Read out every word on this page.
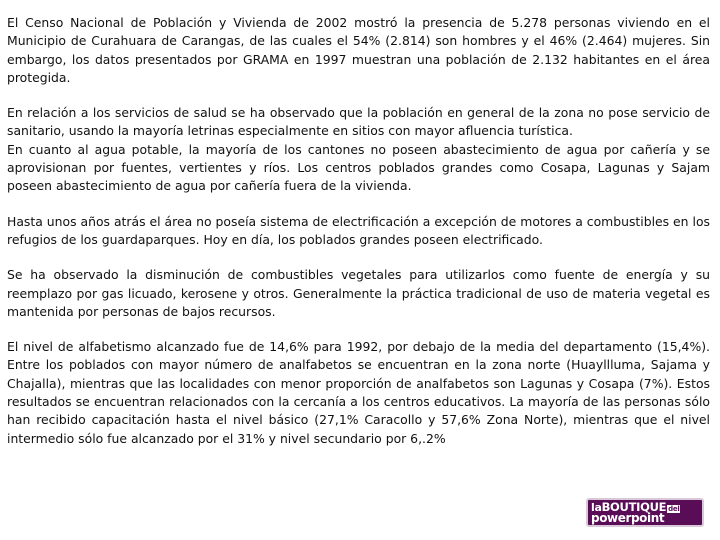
El Censo Nacional de Población y Vivienda de 2002 mostró la presencia de 5.278 personas viviendo en el Municipio de Curahuara de Carangas, de las cuales el 54% (2.814) son hombres y el 46% (2.464) mujeres. Sin embargo, los datos presentados por GRAMA en 1997 muestran una población de 2.132 habitantes en el área protegida.

En relación a los servicios de salud se ha observado que la población en general de la zona no pose servicio de sanitario, usando la mayoría letrinas especialmente en sitios con mayor afluencia turística.

En cuanto al agua potable, la mayoría de los cantones no poseen abastecimiento de agua por cañería y se aprovisionan por fuentes, vertientes y ríos. Los centros poblados grandes como Cosapa, Lagunas y Sajam poseen abastecimiento de agua por cañería fuera de la vivienda.

Hasta unos años atrás el área no poseía sistema de electrificación a excepción de motores a combustibles en los refugios de los guardaparques. Hoy en día, los poblados grandes poseen electrificado.

Se ha observado la disminución de combustibles vegetales para utilizarlos como fuente de energía y su reemplazo por gas licuado, kerosene y otros. Generalmente la práctica tradicional de uso de materia vegetal es mantenida por personas de bajos recursos.

El nivel de alfabetismo alcanzado fue de 14,6% para 1992, por debajo de la media del departamento (15,4%). Entre los poblados con mayor número de analfabetos se encuentran en la zona norte (Huayllluma, Sajama y Chajalla), mientras que las localidades con menor proporción de analfabetos son Lagunas y Cosapa (7%). Estos resultados se encuentran relacionados con la cercanía a los centros educativos. La mayoría de las personas sólo han recibido capacitación hasta el nivel básico (27,1% Caracollo y 57,6% Zona Norte), mientras que el nivel intermedio sólo fue alcanzado por el 31% y nivel secundario por 6,.2%

laBOUTIQUE del
powerpoint
